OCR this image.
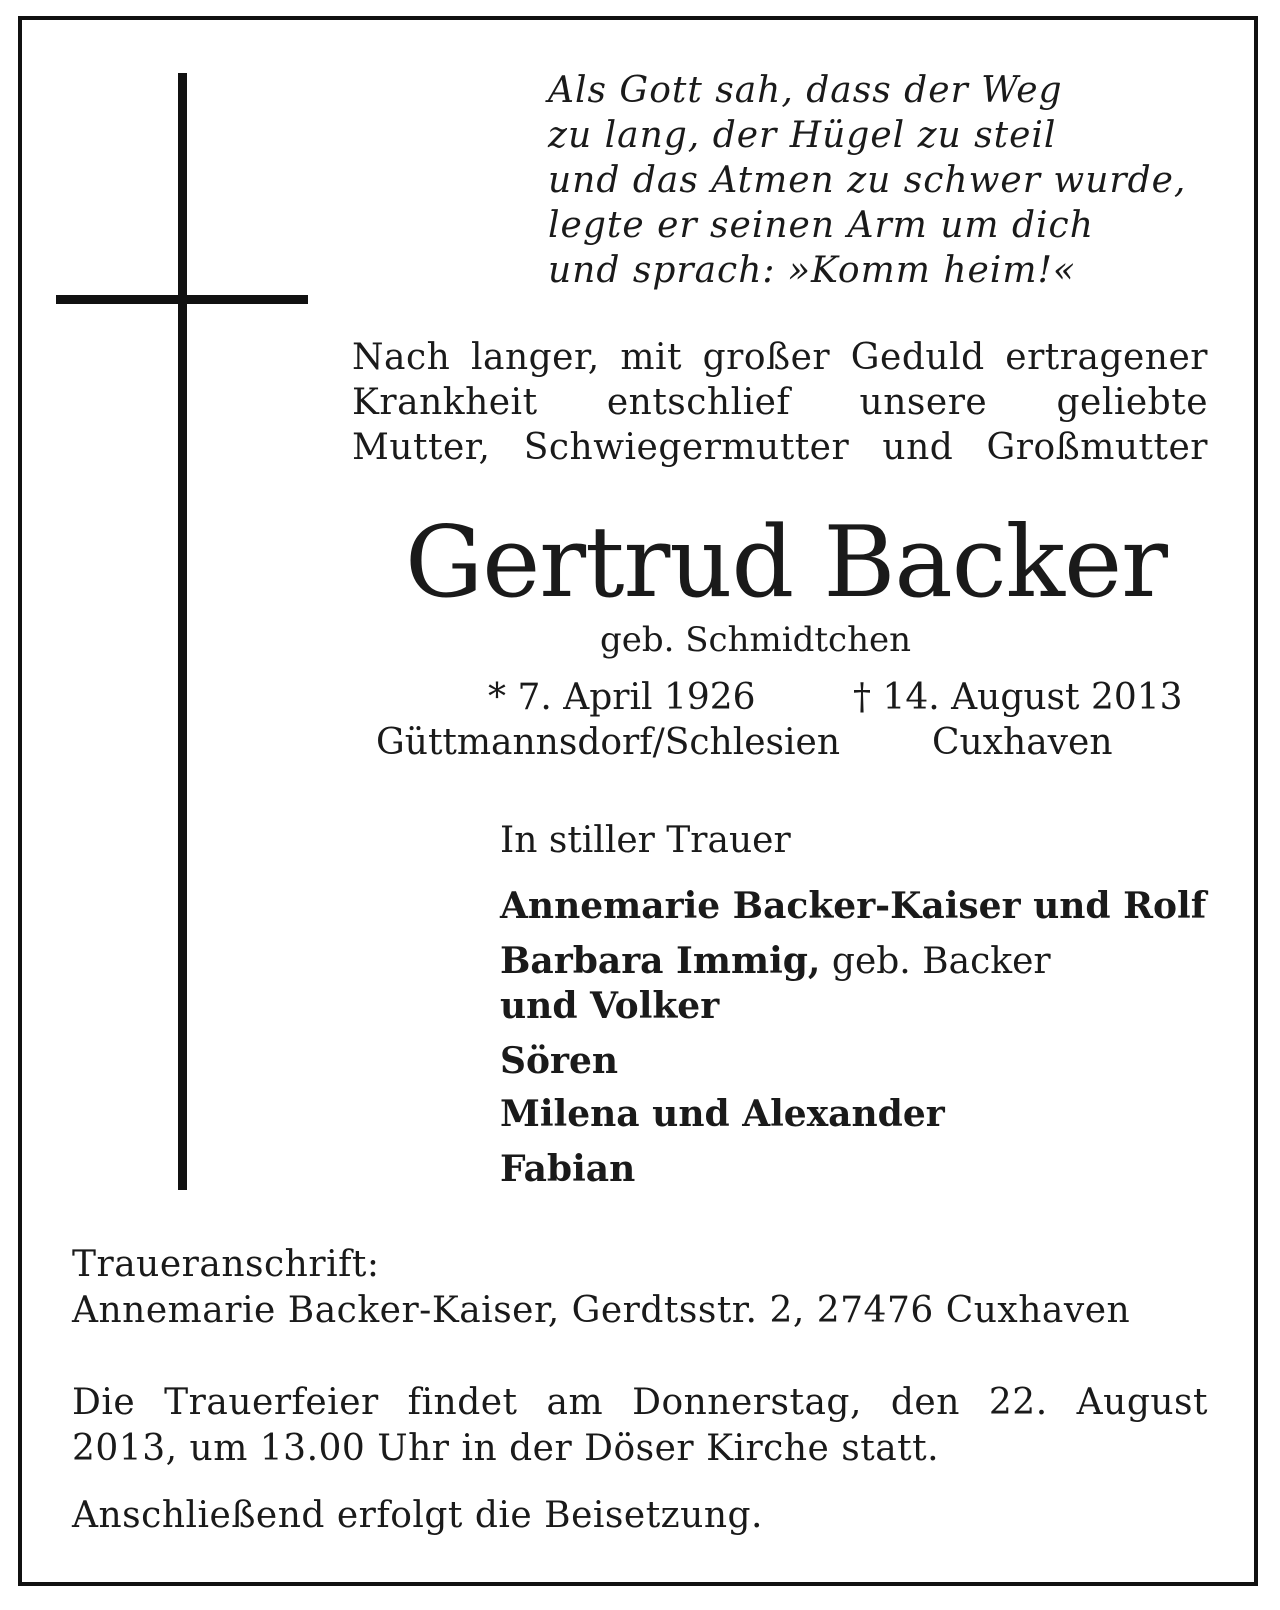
Als Gott sah, dass der Weg
zu lang, der Hügel zu steil
und das Atmen zu schwer wurde,
legte er seinen Arm um dich
und sprach: »Komm heim!«
Nach langer, mit großer Geduld ertragener
Krankheit entschlief unsere geliebte
Mutter, Schwiegermutter und Großmutter
Gertrud Backer
geb. Schmidtchen
* 7. April 1926	† 14. August 2013
Güttmannsdorf/Schlesien	Cuxhaven
In stiller Trauer
Annemarie Backer-Kaiser und Rolf
Barbara Immig, geb. Backer
und Volker
Sören
Milena und Alexander
Fabian
Traueranschrift:
Annemarie Backer-Kaiser, Gerdtsstr. 2, 27476 Cuxhaven
Die Trauerfeier findet am Donnerstag, den 22. August
2013, um 13.00 Uhr in der Döser Kirche statt.
Anschließend erfolgt die Beisetzung.
